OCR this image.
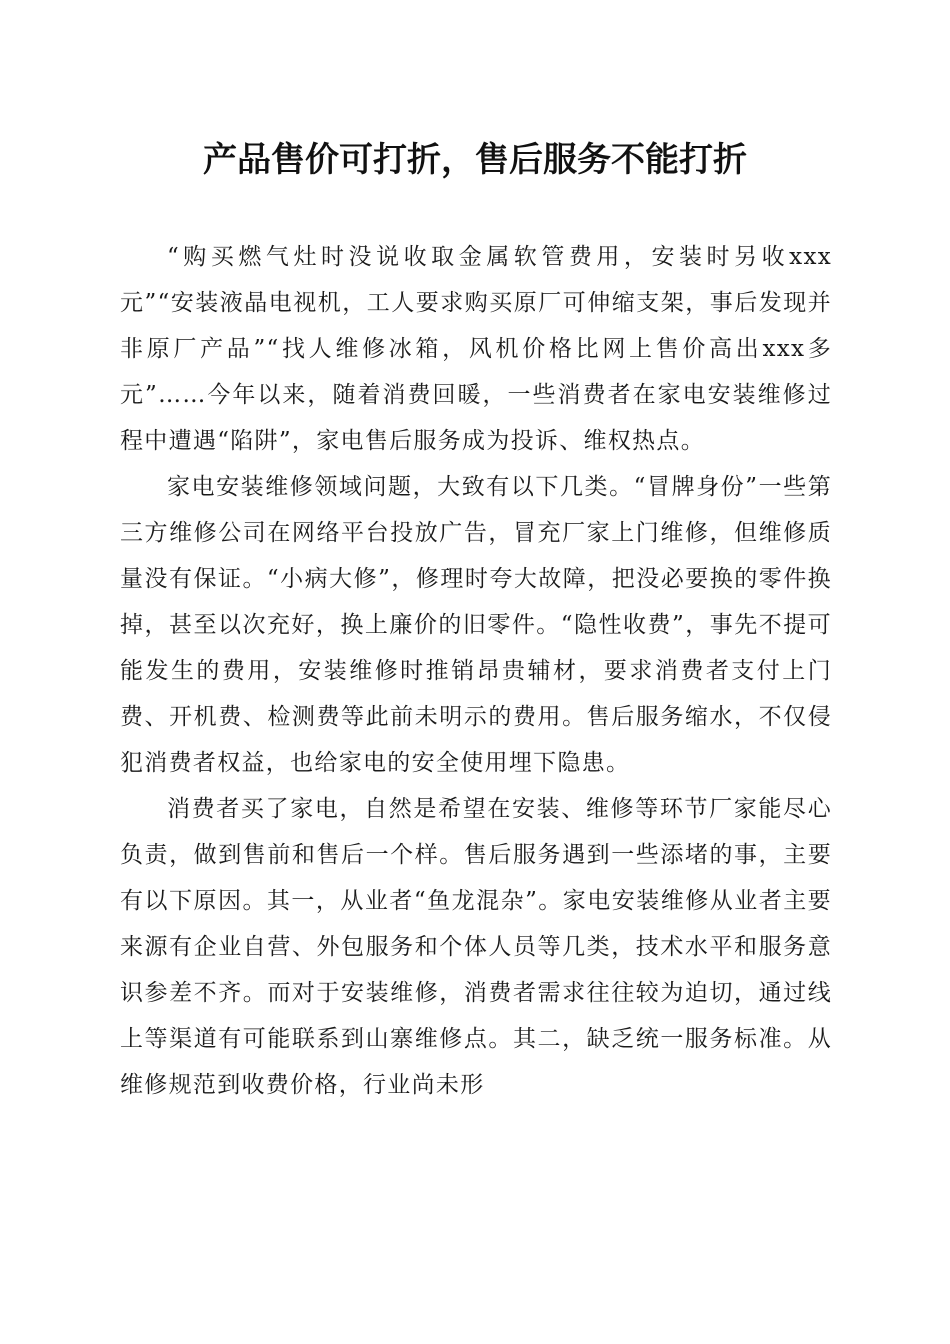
产品售价可打折，售后服务不能打折

“购买燃气灶时没说收取金属软管费用，安装时另收xxx元”“安装液晶电视机，工人要求购买原厂可伸缩支架，事后发现并非原厂产品”“找人维修冰箱，风机价格比网上售价高出xxx多元”……今年以来，随着消费回暖，一些消费者在家电安装维修过程中遭遇“陷阱”，家电售后服务成为投诉、维权热点。

家电安装维修领域问题，大致有以下几类。“冒牌身份”一些第三方维修公司在网络平台投放广告，冒充厂家上门维修，但维修质量没有保证。“小病大修”，修理时夸大故障，把没必要换的零件换掉，甚至以次充好，换上廉价的旧零件。“隐性收费”，事先不提可能发生的费用，安装维修时推销昂贵辅材，要求消费者支付上门费、开机费、检测费等此前未明示的费用。售后服务缩水，不仅侵犯消费者权益，也给家电的安全使用埋下隐患。

消费者买了家电，自然是希望在安装、维修等环节厂家能尽心负责，做到售前和售后一个样。售后服务遇到一些添堵的事，主要有以下原因。其一，从业者“鱼龙混杂”。家电安装维修从业者主要来源有企业自营、外包服务和个体人员等几类，技术水平和服务意识参差不齐。而对于安装维修，消费者需求往往较为迫切，通过线上等渠道有可能联系到山寨维修点。其二，缺乏统一服务标准。从维修规范到收费价格，行业尚未形
